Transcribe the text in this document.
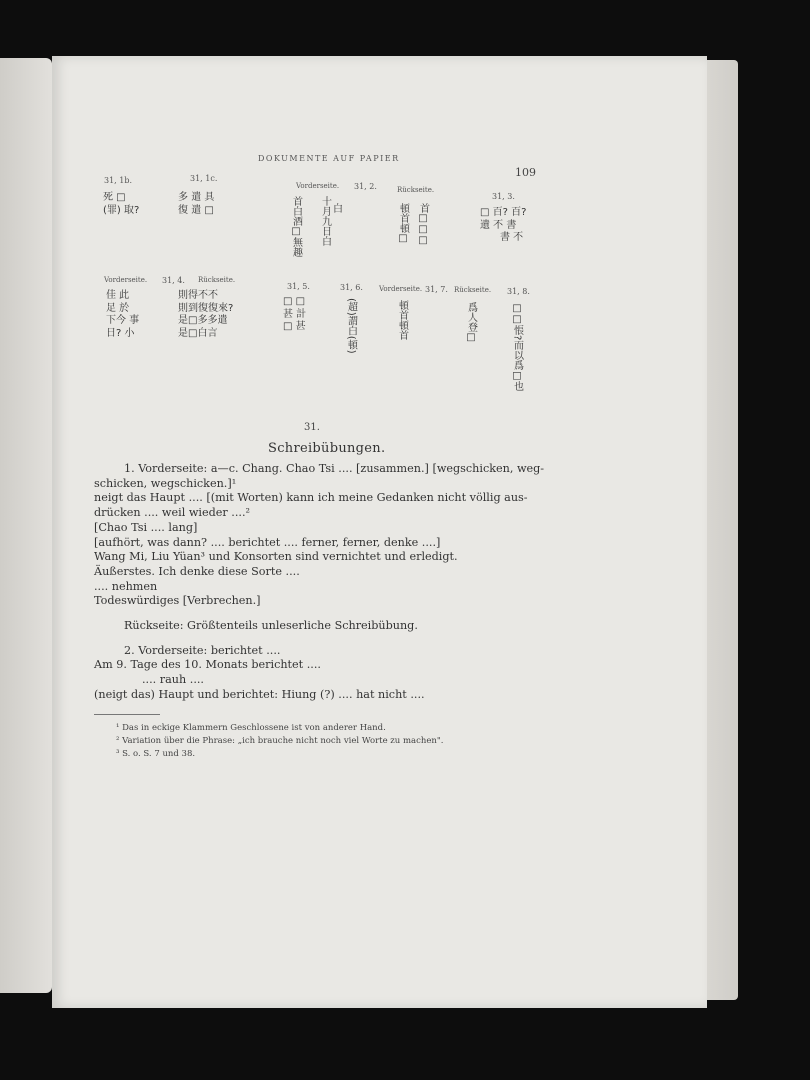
DOKUMENTE AUF PAPIER
109
31, 1b.	31, 1c.
Vorderseite. 31, 2.	Rückseite.
31, 3.
死 □
(罪) 取?
多 遣 具
復 遣 □	首白酒□無趣 十月九日白 白	頓首頓□ 首□□□	□ 百? 百?
遺 不 書
書 不
Vorderseite. 31, 4. Rückseite.
31, 5.	31, 6. Vorderseite. 31, 7. Rückseite. 31, 8.
佳 此
足 於
下今 事
日? 小
則得不不
則到復復來?
是□多多遣
是□白言
□ □
甚 計
□ 甚	(超)謂白(頓)	頓首頓首	爲人登□	□□悵?而以爲□也
31.
Schreibübungen.
1. Vorderseite: a—c. Chang. Chao Tsi .... [zusammen.] [wegschicken, weg-
schicken, wegschicken.]¹
neigt das Haupt .... [(mit Worten) kann ich meine Gedanken nicht völlig aus-
drücken .... weil wieder ....²
[Chao Tsi .... lang]
[aufhört, was dann? .... berichtet .... ferner, ferner, denke ....]
Wang Mi, Liu Yüan³ und Konsorten sind vernichtet und erledigt.
Äußerstes. Ich denke diese Sorte ....
.... nehmen
Todeswürdiges [Verbrechen.]
Rückseite: Größtenteils unleserliche Schreibübung.
2. Vorderseite: berichtet ....
Am 9. Tage des 10. Monats berichtet ....
.... rauh ....
(neigt das) Haupt und berichtet: Hiung (?) .... hat nicht ....
¹ Das in eckige Klammern Geschlossene ist von anderer Hand.
² Variation über die Phrase: „ich brauche nicht noch viel Worte zu machen".
³ S. o. S. 7 und 38.
